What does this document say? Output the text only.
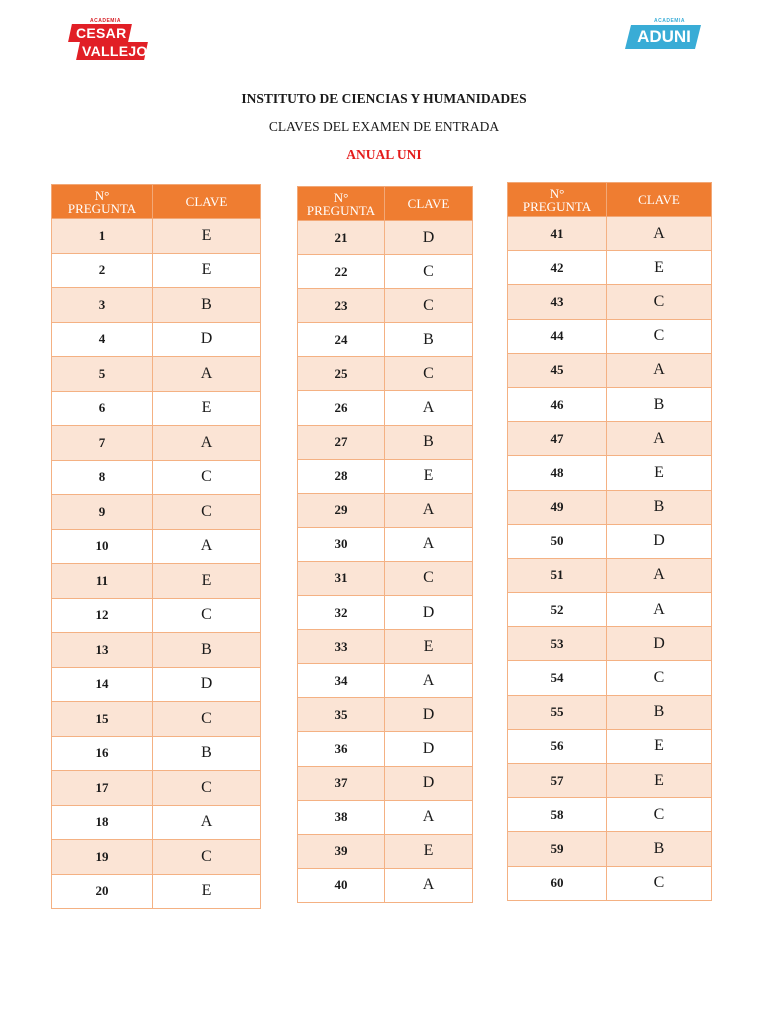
ACADEMIA
CESAR
VALLEJO
ACADEMIA
ADUNI
INSTITUTO DE CIENCIAS Y HUMANIDADES
CLAVES DEL EXAMEN DE ENTRADA
ANUAL UNI
N°
PREGUNTA	CLAVE
1	E
2	E
3	B
4	D
5	A
6	E
7	A
8	C
9	C
10	A
11	E
12	C
13	B
14	D
15	C
16	B
17	C
18	A
19	C
20	E
N°
PREGUNTA	CLAVE
21	D
22	C
23	C
24	B
25	C
26	A
27	B
28	E
29	A
30	A
31	C
32	D
33	E
34	A
35	D
36	D
37	D
38	A
39	E
40	A
N°
PREGUNTA	CLAVE
41	A
42	E
43	C
44	C
45	A
46	B
47	A
48	E
49	B
50	D
51	A
52	A
53	D
54	C
55	B
56	E
57	E
58	C
59	B
60	C
